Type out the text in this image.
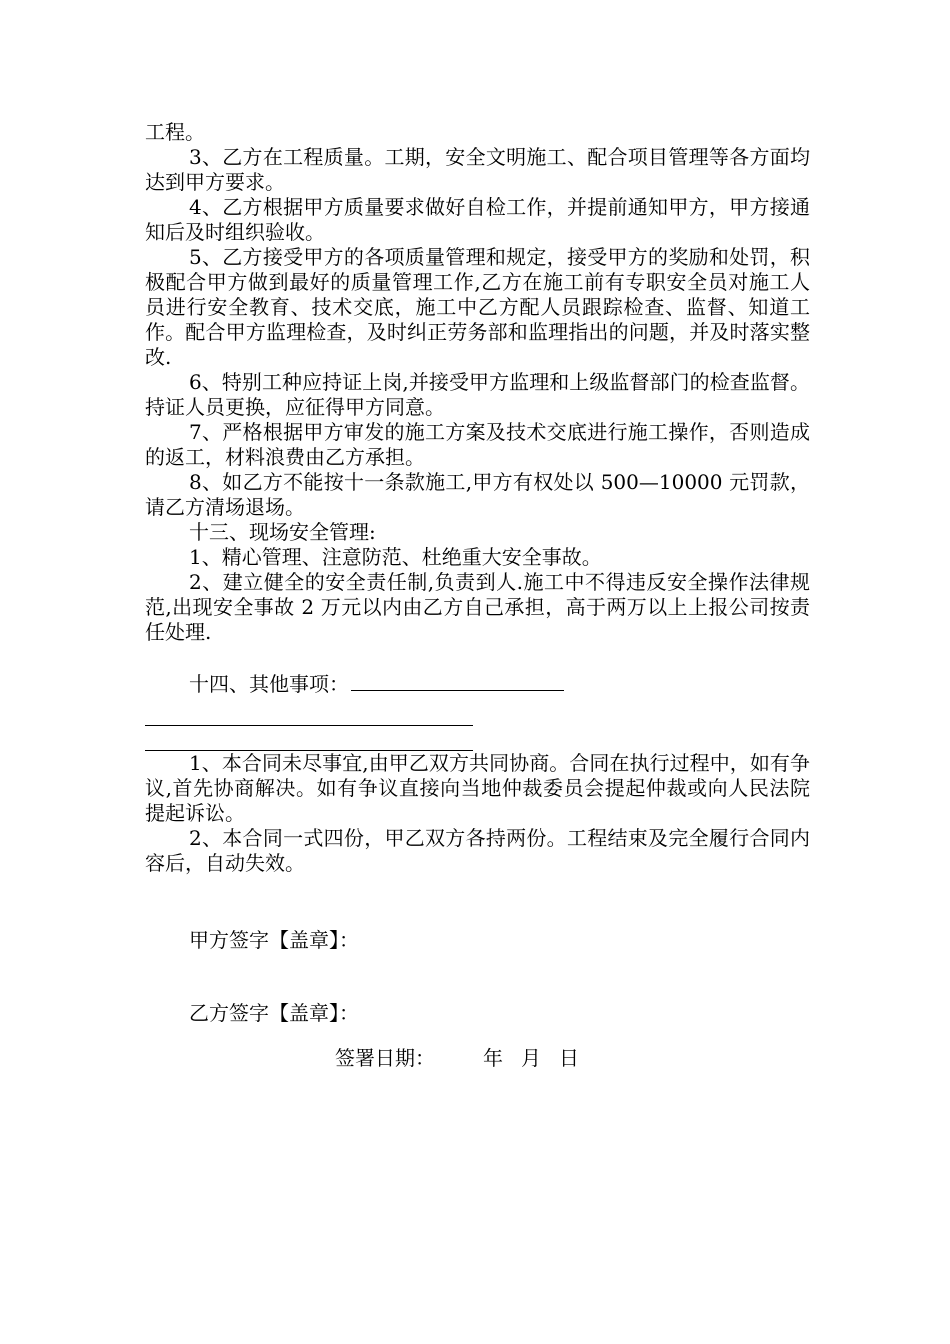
工程。

3、乙方在工程质量。工期，安全文明施工、配合项目管理等各方面均达到甲方要求。

4、乙方根据甲方质量要求做好自检工作，并提前通知甲方，甲方接通知后及时组织验收。

5、乙方接受甲方的各项质量管理和规定，接受甲方的奖励和处罚，积极配合甲方做到最好的质量管理工作,乙方在施工前有专职安全员对施工人员进行安全教育、技术交底，施工中乙方配人员跟踪检查、监督、知道工作。配合甲方监理检查，及时纠正劳务部和监理指出的问题，并及时落实整改.

6、特别工种应持证上岗,并接受甲方监理和上级监督部门的检查监督。持证人员更换，应征得甲方同意。

7、严格根据甲方审发的施工方案及技术交底进行施工操作，否则造成的返工，材料浪费由乙方承担。

8、如乙方不能按十一条款施工,甲方有权处以 500—10000 元罚款，请乙方清场退场。

十三、现场安全管理:

1、精心管理、注意防范、杜绝重大安全事故。

2、建立健全的安全责任制,负责到人.施工中不得违反安全操作法律规范,出现安全事故 2 万元以内由乙方自己承担，高于两万以上上报公司按责任处理.

十四、其他事项：

1、本合同未尽事宜,由甲乙双方共同协商。合同在执行过程中，如有争议,首先协商解决。如有争议直接向当地仲裁委员会提起仲裁或向人民法院提起诉讼。

2、本合同一式四份，甲乙双方各持两份。工程结束及完全履行合同内容后，自动失效。

甲方签字【盖章】：

乙方签字【盖章】：

签署日期： 年 月 日
